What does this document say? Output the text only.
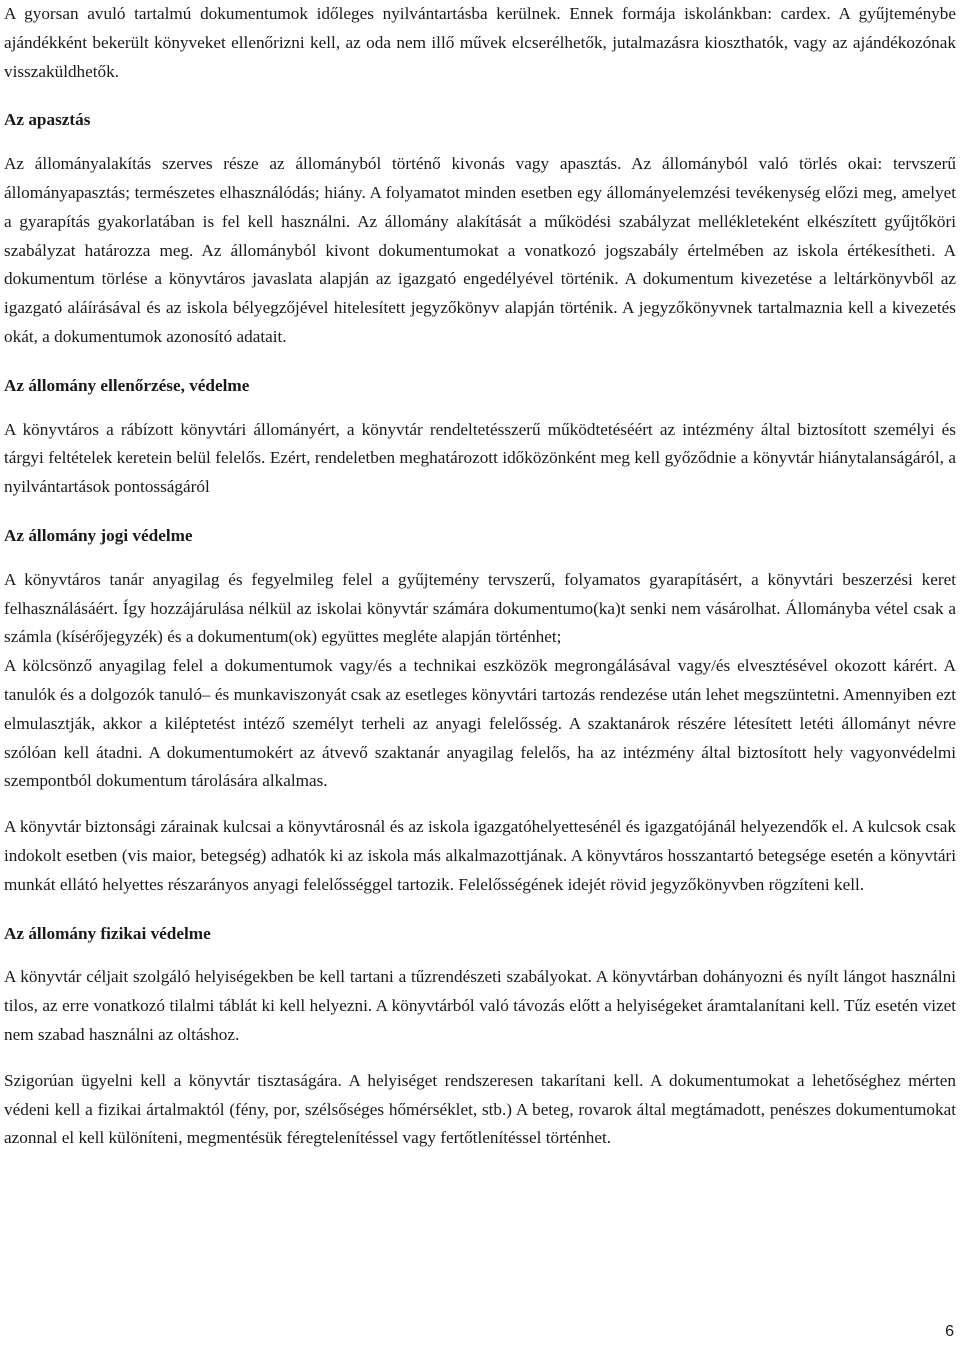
A gyorsan avuló tartalmú dokumentumok időleges nyilvántartásba kerülnek. Ennek formája iskolánkban: cardex. A gyűjteménybe ajándékként bekerült könyveket ellenőrizni kell, az oda nem illő művek elcserélhetők, jutalmazásra kioszthatók, vagy az ajándékozónak visszaküldhetők.

Az apasztás

Az állományalakítás szerves része az állományból történő kivonás vagy apasztás. Az állományból való törlés okai: tervszerű állományapasztás; természetes elhasználódás; hiány. A folyamatot minden esetben egy állományelemzési tevékenység előzi meg, amelyet a gyarapítás gyakorlatában is fel kell használni. Az állomány alakítását a működési szabályzat mellékleteként elkészített gyűjtőköri szabályzat határozza meg. Az állományból kivont dokumentumokat a vonatkozó jogszabály értelmében az iskola értékesítheti. A dokumentum törlése a könyvtáros javaslata alapján az igazgató engedélyével történik. A dokumentum kivezetése a leltárkönyvből az igazgató aláírásával és az iskola bélyegzőjével hitelesített jegyzőkönyv alapján történik. A jegyzőkönyvnek tartalmaznia kell a kivezetés okát, a dokumentumok azonosító adatait.

Az állomány ellenőrzése, védelme

A könyvtáros a rábízott könyvtári állományért, a könyvtár rendeltetésszerű működtetéséért az intézmény által biztosított személyi és tárgyi feltételek keretein belül felelős. Ezért, rendeletben meghatározott időközönként meg kell győződnie a könyvtár hiánytalanságáról, a nyilvántartások pontosságáról

Az állomány jogi védelme

A könyvtáros tanár anyagilag és fegyelmileg felel a gyűjtemény tervszerű, folyamatos gyarapításért, a könyvtári beszerzési keret felhasználásáért. Így hozzájárulása nélkül az iskolai könyvtár számára dokumentumo(ka)t senki nem vásárolhat. Állományba vétel csak a számla (kísérőjegyzék) és a dokumentum(ok) együttes megléte alapján történhet;

A kölcsönző anyagilag felel a dokumentumok vagy/és a technikai eszközök megrongálásával vagy/és elvesztésével okozott kárért. A tanulók és a dolgozók tanuló– és munkaviszonyát csak az esetleges könyvtári tartozás rendezése után lehet megszüntetni. Amennyiben ezt elmulasztják, akkor a kiléptetést intéző személyt terheli az anyagi felelősség. A szaktanárok részére létesített letéti állományt névre szólóan kell átadni. A dokumentumokért az átvevő szaktanár anyagilag felelős, ha az intézmény által biztosított hely vagyonvédelmi szempontból dokumentum tárolására alkalmas.

A könyvtár biztonsági zárainak kulcsai a könyvtárosnál és az iskola igazgatóhelyettesénél és igazgatójánál helyezendők el. A kulcsok csak indokolt esetben (vis maior, betegség) adhatók ki az iskola más alkalmazottjának. A könyvtáros hosszantartó betegsége esetén a könyvtári munkát ellátó helyettes részarányos anyagi felelősséggel tartozik. Felelősségének idejét rövid jegyzőkönyvben rögzíteni kell.

Az állomány fizikai védelme

A könyvtár céljait szolgáló helyiségekben be kell tartani a tűzrendészeti szabályokat. A könyvtárban dohányozni és nyílt lángot használni tilos, az erre vonatkozó tilalmi táblát ki kell helyezni. A könyvtárból való távozás előtt a helyiségeket áramtalanítani kell. Tűz esetén vizet nem szabad használni az oltáshoz.

Szigorúan ügyelni kell a könyvtár tisztaságára. A helyiséget rendszeresen takarítani kell. A dokumentumokat a lehetőséghez mérten védeni kell a fizikai ártalmaktól (fény, por, szélsőséges hőmérséklet, stb.) A beteg, rovarok által megtámadott, penészes dokumentumokat azonnal el kell különíteni, megmentésük féregtelenítéssel vagy fertőtlenítéssel történhet.

6
